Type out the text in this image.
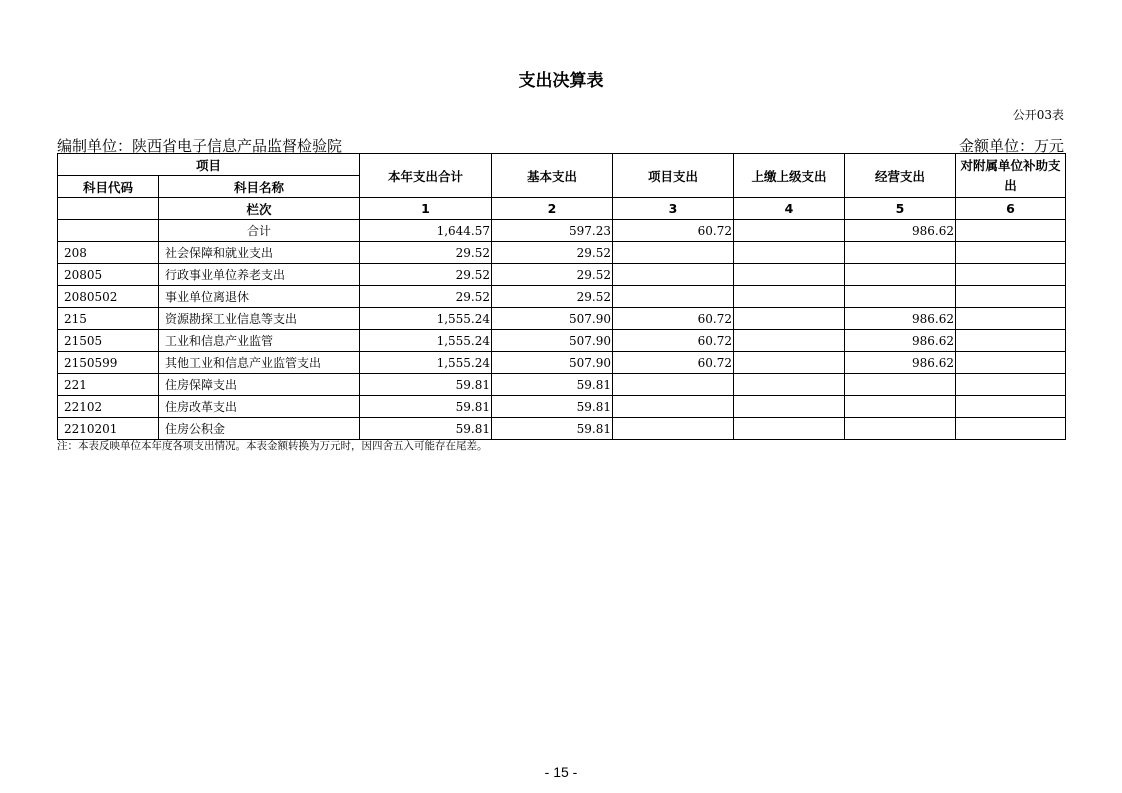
支出决算表
公开03表
编制单位：陕西省电子信息产品监督检验院	金额单位：万元
项目		本年支出合计	基本支出	项目支出	上缴上级支出	经营支出	对附属单位补助支出
科目代码	科目名称						
	栏次	1	2	3	4	5	6
	合计	1,644.57	597.23	60.72		986.62	
208	社会保障和就业支出	29.52	29.52				
20805	行政事业单位养老支出	29.52	29.52				
2080502	事业单位离退休	29.52	29.52				
215	资源勘探工业信息等支出	1,555.24	507.90	60.72		986.62	
21505	工业和信息产业监管	1,555.24	507.90	60.72		986.62	
2150599	其他工业和信息产业监管支出	1,555.24	507.90	60.72		986.62	
221	住房保障支出	59.81	59.81				
22102	住房改革支出	59.81	59.81				
2210201	住房公积金	59.81	59.81				
注：本表反映单位本年度各项支出情况。本表金额转换为万元时，因四舍五入可能存在尾差。
- 15 -
